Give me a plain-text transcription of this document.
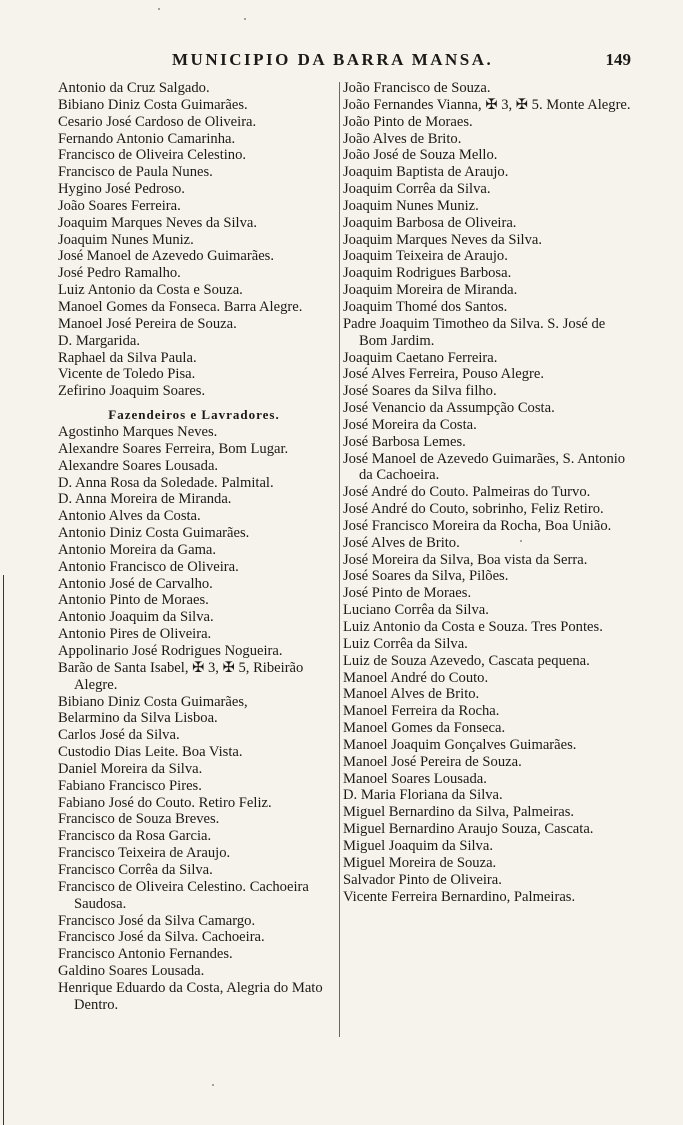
MUNICIPIO DA BARRA MANSA.	149

Antonio da Cruz Salgado.

Bibiano Diniz Costa Guimarães.

Cesario José Cardoso de Oliveira.

Fernando Antonio Camarinha.

Francisco de Oliveira Celestino.

Francisco de Paula Nunes.

Hygino José Pedroso.

João Soares Ferreira.

Joaquim Marques Neves da Silva.

Joaquim Nunes Muniz.

José Manoel de Azevedo Guimarães.

José Pedro Ramalho.

Luiz Antonio da Costa e Souza.

Manoel Gomes da Fonseca. Barra Alegre.

Manoel José Pereira de Souza.

D. Margarida.

Raphael da Silva Paula.

Vicente de Toledo Pisa.

Zefirino Joaquim Soares.

Fazendeiros e Lavradores.

Agostinho Marques Neves.

Alexandre Soares Ferreira, Bom Lugar.

Alexandre Soares Lousada.

D. Anna Rosa da Soledade. Palmital.

D. Anna Moreira de Miranda.

Antonio Alves da Costa.

Antonio Diniz Costa Guimarães.

Antonio Moreira da Gama.

Antonio Francisco de Oliveira.

Antonio José de Carvalho.

Antonio Pinto de Moraes.

Antonio Joaquim da Silva.

Antonio Pires de Oliveira.

Appolinario José Rodrigues Nogueira.

Barão de Santa Isabel, ✠ 3, ✠ 5, Ribeirão Alegre.

Bibiano Diniz Costa Guimarães,

Belarmino da Silva Lisboa.

Carlos José da Silva.

Custodio Dias Leite. Boa Vista.

Daniel Moreira da Silva.

Fabiano Francisco Pires.

Fabiano José do Couto. Retiro Feliz.

Francisco de Souza Breves.

Francisco da Rosa Garcia.

Francisco Teixeira de Araujo.

Francisco Corrêa da Silva.

Francisco de Oliveira Celestino. Cachoeira Saudosa.

Francisco José da Silva Camargo.

Francisco José da Silva. Cachoeira.

Francisco Antonio Fernandes.

Galdino Soares Lousada.

Henrique Eduardo da Costa, Alegria do Mato Dentro.

João Francisco de Souza.

João Fernandes Vianna, ✠ 3, ✠ 5. Monte Alegre.

João Pinto de Moraes.

João Alves de Brito.

João José de Souza Mello.

Joaquim Baptista de Araujo.

Joaquim Corrêa da Silva.

Joaquim Nunes Muniz.

Joaquim Barbosa de Oliveira.

Joaquim Marques Neves da Silva.

Joaquim Teixeira de Araujo.

Joaquim Rodrigues Barbosa.

Joaquim Moreira de Miranda.

Joaquim Thomé dos Santos.

Padre Joaquim Timotheo da Silva. S. José de Bom Jardim.

Joaquim Caetano Ferreira.

José Alves Ferreira, Pouso Alegre.

José Soares da Silva filho.

José Venancio da Assumpção Costa.

José Moreira da Costa.

José Barbosa Lemes.

José Manoel de Azevedo Guimarães, S. Antonio da Cachoeira.

José André do Couto. Palmeiras do Turvo.

José André do Couto, sobrinho, Feliz Retiro.

José Francisco Moreira da Rocha, Boa União.

José Alves de Brito.

José Moreira da Silva, Boa vista da Serra.

José Soares da Silva, Pilões.

José Pinto de Moraes.

Luciano Corrêa da Silva.

Luiz Antonio da Costa e Souza. Tres Pontes.

Luiz Corrêa da Silva.

Luiz de Souza Azevedo, Cascata pequena.

Manoel André do Couto.

Manoel Alves de Brito.

Manoel Ferreira da Rocha.

Manoel Gomes da Fonseca.

Manoel Joaquim Gonçalves Guimarães.

Manoel José Pereira de Souza.

Manoel Soares Lousada.

D. Maria Floriana da Silva.

Miguel Bernardino da Silva, Palmeiras.

Miguel Bernardino Araujo Souza, Cascata.

Miguel Joaquim da Silva.

Miguel Moreira de Souza.

Salvador Pinto de Oliveira.

Vicente Ferreira Bernardino, Palmeiras.
